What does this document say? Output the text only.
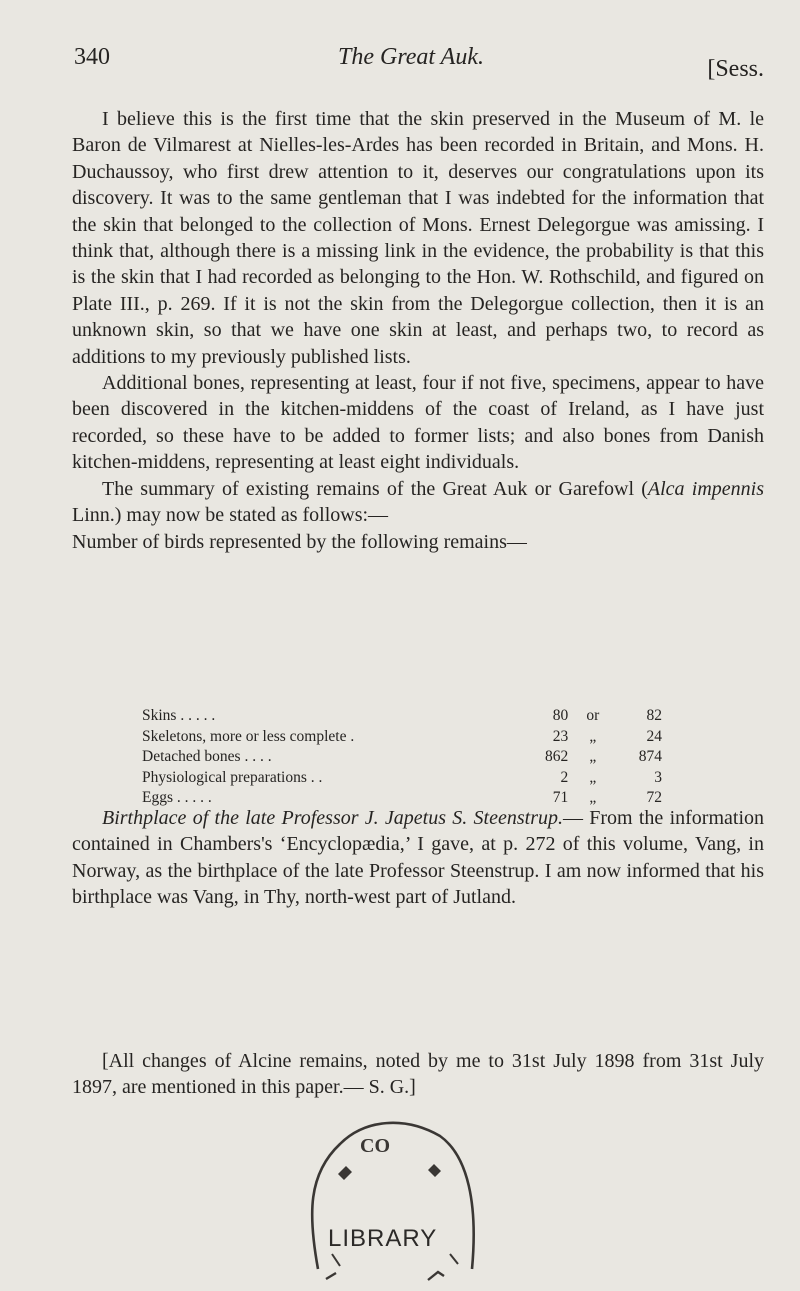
340	The Great Auk.	[Sess.

I believe this is the first time that the skin preserved in the Museum of M. le Baron de Vilmarest at Nielles-les-Ardes has been recorded in Britain, and Mons. H. Duchaussoy, who first drew attention to it, deserves our congratulations upon its discovery. It was to the same gentleman that I was indebted for the information that the skin that belonged to the collection of Mons. Ernest Delegorgue was amissing. I think that, although there is a missing link in the evidence, the probability is that this is the skin that I had recorded as belonging to the Hon. W. Rothschild, and figured on Plate III., p. 269. If it is not the skin from the Delegorgue collection, then it is an unknown skin, so that we have one skin at least, and perhaps two, to record as additions to my previously published lists.

Additional bones, representing at least, four if not five, specimens, appear to have been discovered in the kitchen-middens of the coast of Ireland, as I have just recorded, so these have to be added to former lists; and also bones from Danish kitchen-middens, representing at least eight individuals.

The summary of existing remains of the Great Auk or Garefowl (Alca impennis Linn.) may now be stated as follows:—

Number of birds represented by the following remains—

Skins . . . . .	80	or	82
Skeletons, more or less complete .	23	„	24
Detached bones . . . .	862	„	874
Physiological preparations . .	2	„	3
Eggs . . . . .	71	„	72

Birthplace of the late Professor J. Japetus S. Steenstrup.— From the information contained in Chambers's ‘Encyclopædia,’ I gave, at p. 272 of this volume, Vang, in Norway, as the birthplace of the late Professor Steenstrup. I am now informed that his birthplace was Vang, in Thy, north-west part of Jutland.

[All changes of Alcine remains, noted by me to 31st July 1898 from 31st July 1897, are mentioned in this paper.— S. G.]

CO
LIBRARY
